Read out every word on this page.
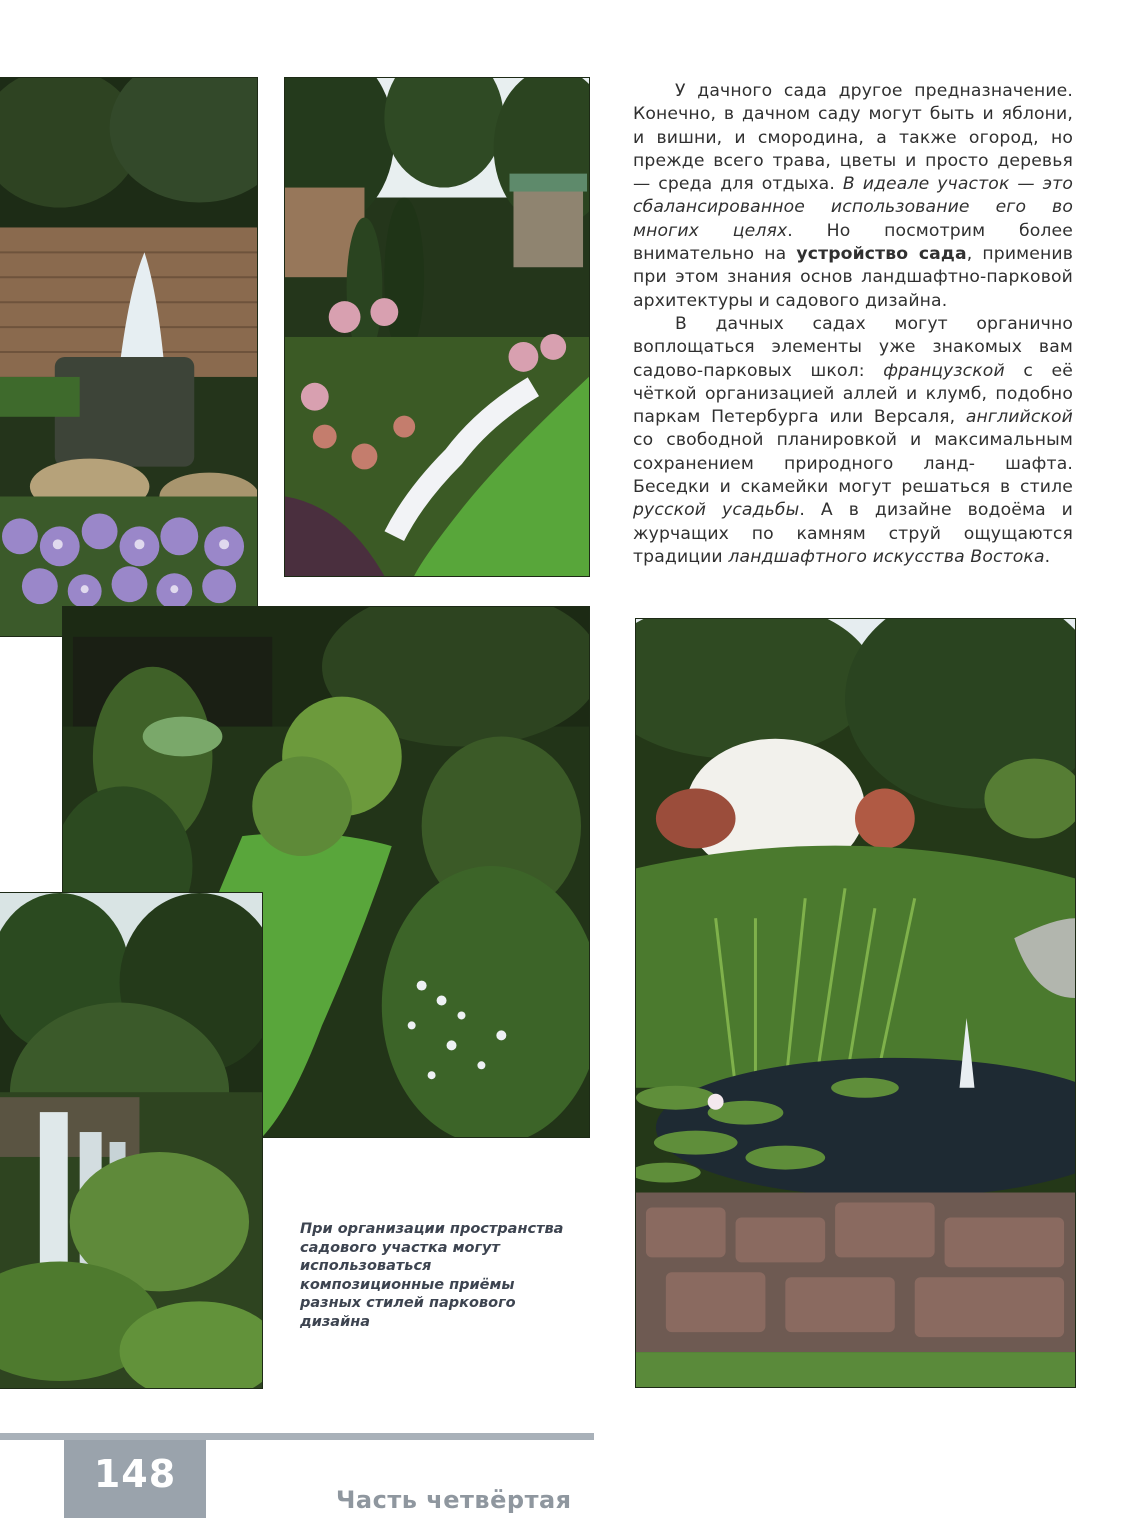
У дачного сада другое предназначение. Конечно, в дачном саду могут быть и яблони, и вишни, и смородина, а также огород, но прежде всего трава, цветы и просто деревья — среда для отдыха. В идеале участок — это сбалансированное использование его во многих целях. Но посмотрим более внимательно на устройство сада, применив при этом знания основ ландшафтно-парковой архитектуры и садового дизайна.

В дачных садах могут органично воплощаться элементы уже знакомых вам садово-парковых школ: французской с её чёткой организацией аллей и клумб, подобно паркам Петербурга или Версаля, английской со свободной планировкой и максимальным сохранением природного ланд- шафта. Беседки и скамейки могут решаться в стиле русской усадьбы. А в дизайне водоёма и журчащих по камням струй ощущаются традиции ландшафтного искусства Востока.

При организации пространства садового участка могут использоваться композиционные приёмы разных стилей паркового дизайна
148
Часть четвёртая
